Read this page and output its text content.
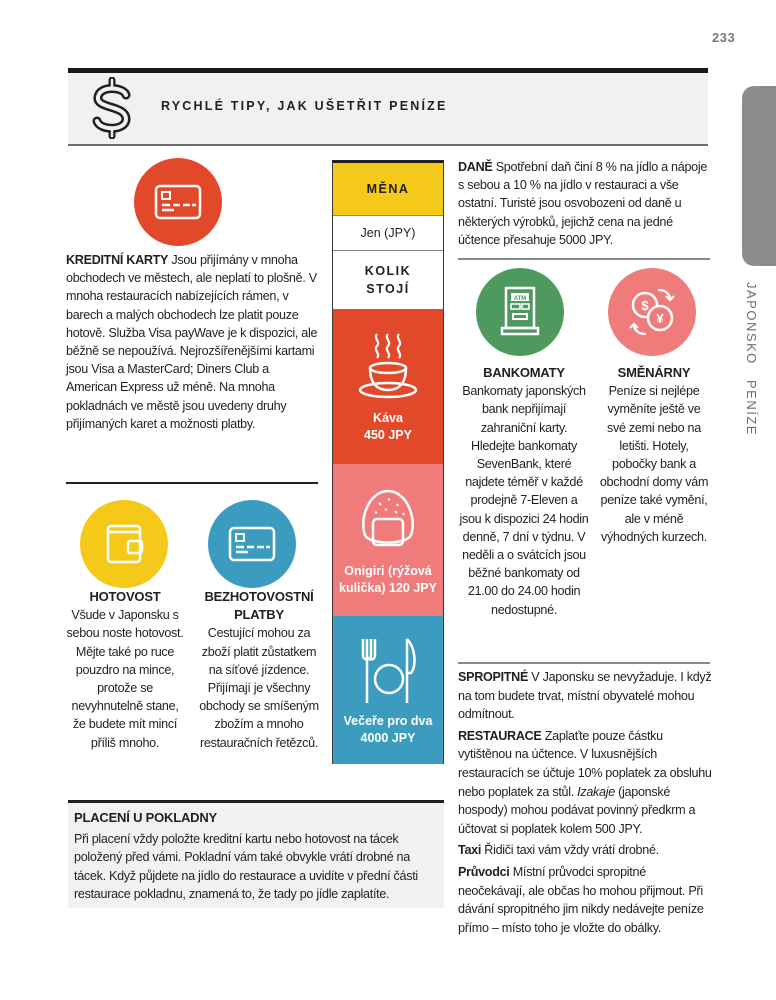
233
JAPONSKO PENÍZE
RYCHLÉ TIPY, JAK UŠETŘIT PENÍZE
KREDITNÍ KARTY Jsou přijímány v mnoha obchodech ve městech, ale neplatí to plošně. V mnoha restauracích nabízejících rámen, v barech a malých obchodech lze platit pouze hotově. Služba Visa payWave je k dispozici, ale běžně se nepoužívá. Nejrozšířenějšími kartami jsou Visa a MasterCard; Diners Club a American Express už méně. Na mnoha pokladnách ve městě jsou uvedeny druhy přijímaných karet a možnosti platby.
HOTOVOST
Všude v Japonsku s sebou noste hotovost. Mějte také po ruce pouzdro na mince, protože se nevyhnutelně stane, že budete mít mincí příliš mnoho.
BEZHOTOVOSTNÍ
PLATBY
Cestující mohou za zboží platit zůstatkem na síťové jízdence. Přijímají je všechny obchody se smíšeným zbožím a mnoho restauračních řetězců.
MĚNA
Jen (JPY)
KOLIK
STOJÍ
Káva
450 JPY
Onigiri (rýžová
kulička) 120 JPY
Večeře pro dva
4000 JPY
DANĚ Spotřební daň činí 8 % na jídlo a nápoje s sebou a 10 % na jídlo v restauraci a vše ostatní. Turisté jsou osvobozeni od daně u některých výrobků, jejichž cena na jedné účtence přesahuje 5000 JPY.
ATM
BANKOMATY
Bankomaty japonských bank nepřijímají zahraniční karty. Hledejte bankomaty SevenBank, které najdete téměř v každé prodejně 7-Eleven a jsou k dispozici 24 hodin denně, 7 dní v týdnu. V neděli a o svátcích jsou běžné bankomaty od 21.00 do 24.00 hodin nedostupné.
$
¥
SMĚNÁRNY
Peníze si nejlépe vyměníte ještě ve své zemi nebo na letišti. Hotely, pobočky bank a obchodní domy vám peníze také vymění, ale v méně výhodných kurzech.
SPROPITNÉ V Japonsku se nevyžaduje. I když na tom budete trvat, místní obyvatelé mohou odmítnout.
RESTAURACE Zaplaťte pouze částku vytištěnou na účtence. V luxusnějších restauracích se účtuje 10% poplatek za obsluhu nebo poplatek za stůl. Izakaje (japonské hospody) mohou podávat povinný předkrm a účtovat si poplatek kolem 500 JPY.
Taxi Řidiči taxi vám vždy vrátí drobné.
Průvodci Místní průvodci spropitné neočekávají, ale občas ho mohou přijmout. Při dávání spropitného jim nikdy nedávejte peníze přímo – místo toho je vložte do obálky.
PLACENÍ U POKLADNY
Při placení vždy položte kreditní kartu nebo hotovost na tácek položený před vámi. Pokladní vám také obvykle vrátí drobné na tácek. Když půjdete na jídlo do restaurace a uvidíte v přední části restaurace pokladnu, znamená to, že tady po jídle zaplatíte.
